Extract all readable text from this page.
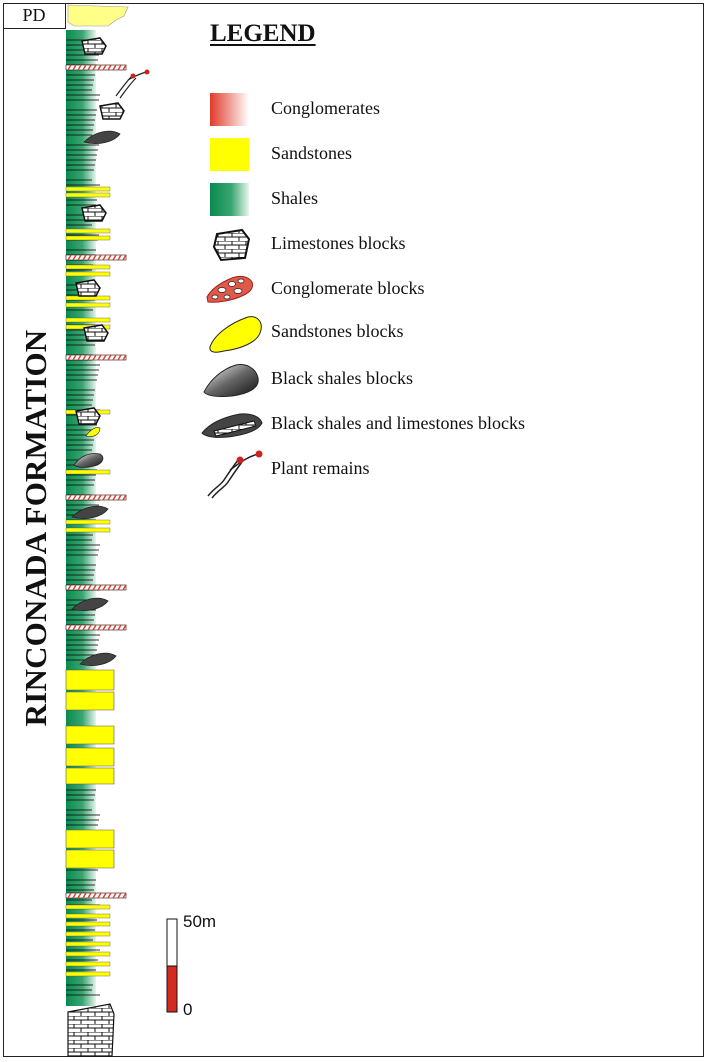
PD
RINCONADA FORMATION
LEGEND
Conglomerates
Sandstones
Shales
Limestones blocks
Conglomerate blocks
Sandstones blocks
Black shales blocks
Black shales and limestones blocks
Plant remains
50m
0
